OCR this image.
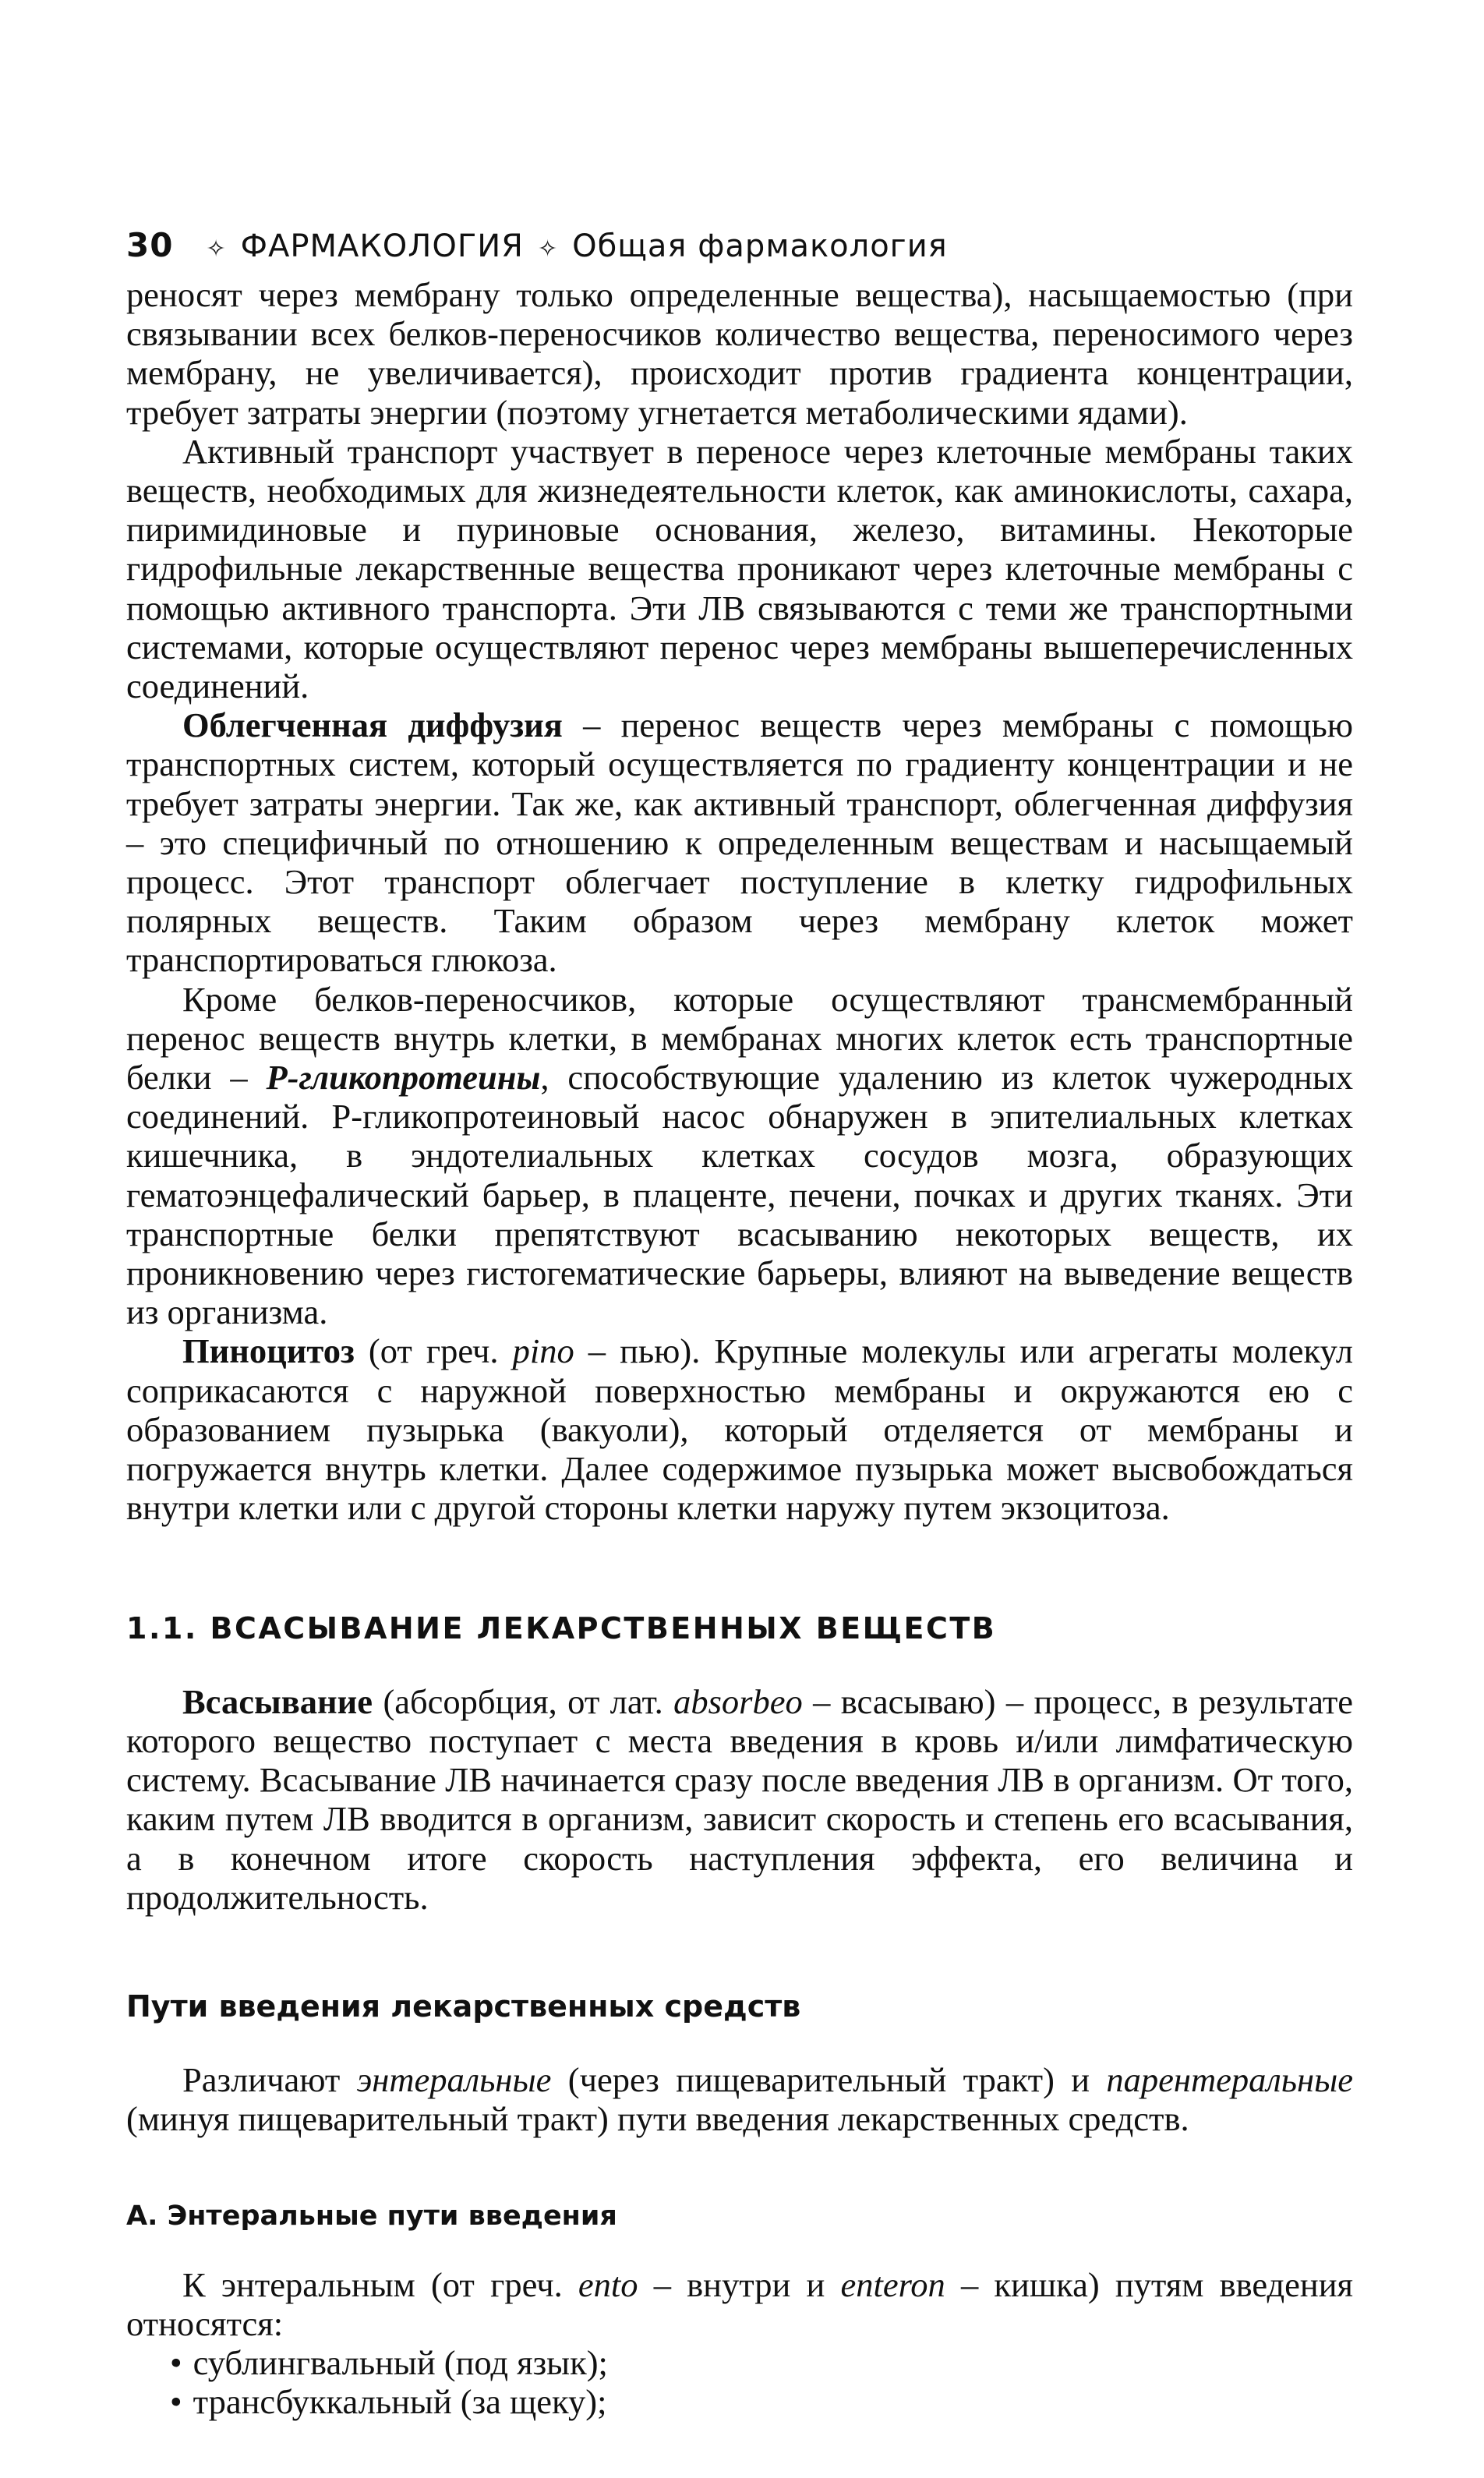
30 ✧ ФАРМАКОЛОГИЯ ✧ Общая фармакология

реносят через мембрану только определенные вещества), насыщаемостью (при связывании всех белков-переносчиков количество вещества, переносимого через мембрану, не увеличивается), происходит против градиента концентрации, требует затраты энергии (поэтому угнетается метаболическими ядами).

Активный транспорт участвует в переносе через клеточные мембраны таких веществ, необходимых для жизнедеятельности клеток, как аминокислоты, сахара, пиримидиновые и пуриновые основания, железо, витамины. Некоторые гидрофильные лекарственные вещества проникают через клеточные мембраны с помощью активного транспорта. Эти ЛВ связываются с теми же транспортными системами, которые осуществляют перенос через мембраны вышеперечисленных соединений.

Облегченная диффузия – перенос веществ через мембраны с помощью транспортных систем, который осуществляется по градиенту концентрации и не требует затраты энергии. Так же, как активный транспорт, облегченная диффузия – это специфичный по отношению к определенным веществам и насыщаемый процесс. Этот транспорт облегчает поступление в клетку гидрофильных полярных веществ. Таким образом через мембрану клеток может транспортироваться глюкоза.

Кроме белков-переносчиков, которые осуществляют трансмембранный перенос веществ внутрь клетки, в мембранах многих клеток есть транспортные белки – P-гликопротеины, способствующие удалению из клеток чужеродных соединений. Р-гликопротеиновый насос обнаружен в эпителиальных клетках кишечника, в эндотелиальных клетках сосудов мозга, образующих гематоэнцефалический барьер, в плаценте, печени, почках и других тканях. Эти транспортные белки препятствуют всасыванию некоторых веществ, их проникновению через гистогематические барьеры, влияют на выведение веществ из организма.

Пиноцитоз (от греч. pino – пью). Крупные молекулы или агрегаты молекул соприкасаются с наружной поверхностью мембраны и окружаются ею с образованием пузырька (вакуоли), который отделяется от мембраны и погружается внутрь клетки. Далее содержимое пузырька может высвобождаться внутри клетки или с другой стороны клетки наружу путем экзоцитоза.

1.1. ВСАСЫВАНИЕ ЛЕКАРСТВЕННЫХ ВЕЩЕСТВ

Всасывание (абсорбция, от лат. absorbeo – всасываю) – процесс, в результате которого вещество поступает с места введения в кровь и/или лимфатическую систему. Всасывание ЛВ начинается сразу после введения ЛВ в организм. От того, каким путем ЛВ вводится в организм, зависит скорость и степень его всасывания, а в конечном итоге скорость наступления эффекта, его величина и продолжительность.

Пути введения лекарственных средств

Различают энтеральные (через пищеварительный тракт) и парентеральные (минуя пищеварительный тракт) пути введения лекарственных средств.

А. Энтеральные пути введения

К энтеральным (от греч. ento – внутри и enteron – кишка) путям введения относятся:

• сублингвальный (под язык);
• трансбуккальный (за щеку);
